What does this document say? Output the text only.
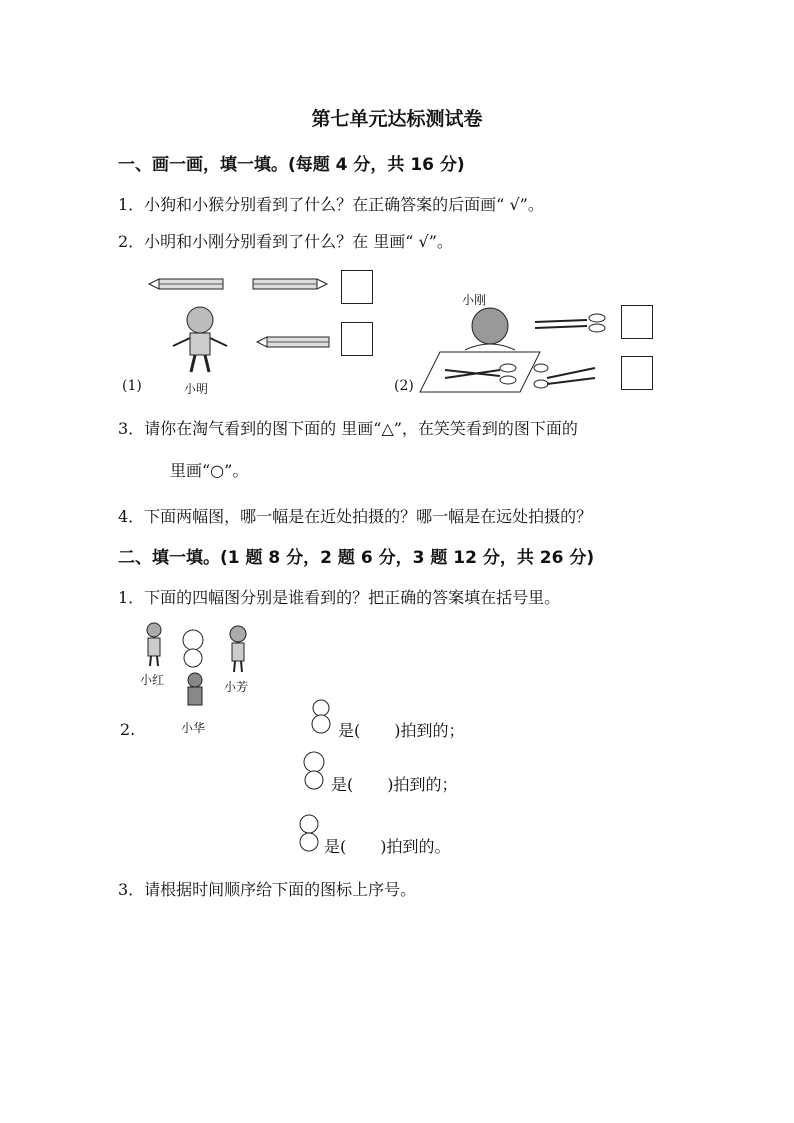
第七单元达标测试卷
一、画一画，填一填。(每题 4 分，共 16 分)
1．小狗和小猴分别看到了什么？在正确答案的后面画“ √”。
2．小明和小刚分别看到了什么？在 里画“ √”。
(1)	小明
小刚
(2)
3．请你在淘气看到的图下面的 里画“△”，在笑笑看到的图下面的
里画“○”。
4．下面两幅图，哪一幅是在近处拍摄的？哪一幅是在远处拍摄的？
二、填一填。(1 题 8 分，2 题 6 分，3 题 12 分，共 26 分)
1．下面的四幅图分别是谁看到的？把正确的答案填在括号里。
小红	小芳
小华
2.	是( )拍到的；
是( )拍到的；
是( )拍到的。
3．请根据时间顺序给下面的图标上序号。
